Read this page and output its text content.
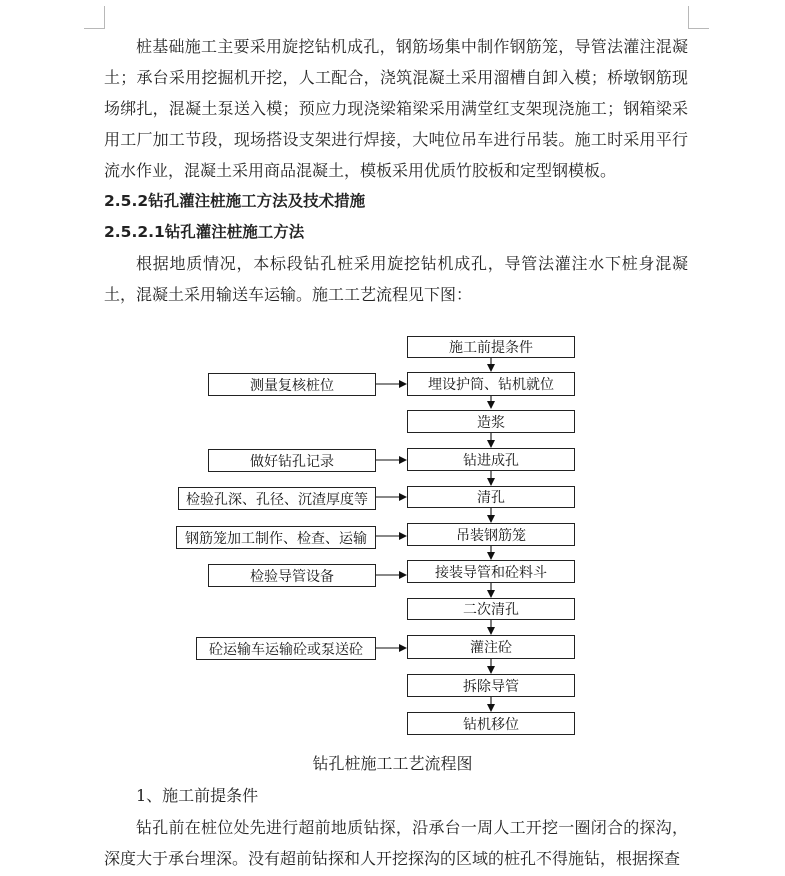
桩基础施工主要采用旋挖钻机成孔，钢筋场集中制作钢筋笼，导管法灌注混凝土；承台采用挖掘机开挖，人工配合，浇筑混凝土采用溜槽自卸入模；桥墩钢筋现场绑扎，混凝土泵送入模；预应力现浇梁箱梁采用满堂红支架现浇施工；钢箱梁采用工厂加工节段，现场搭设支架进行焊接，大吨位吊车进行吊装。施工时采用平行流水作业，混凝土采用商品混凝土，模板采用优质竹胶板和定型钢模板。

2.5.2钻孔灌注桩施工方法及技术措施

2.5.2.1钻孔灌注桩施工方法

根据地质情况，本标段钻孔桩采用旋挖钻机成孔，导管法灌注水下桩身混凝土，混凝土采用输送车运输。施工工艺流程见下图：

施工前提条件
埋设护筒、钻机就位
造浆
钻进成孔
清孔
吊装钢筋笼
接装导管和砼料斗
二次清孔
灌注砼
拆除导管
钻机移位
测量复核桩位
做好钻孔记录
检验孔深、孔径、沉渣厚度等
钢筋笼加工制作、检查、运输
检验导管设备
砼运输车运输砼或泵送砼
钻孔桩施工工艺流程图
1、施工前提条件

钻孔前在桩位处先进行超前地质钻探，沿承台一周人工开挖一圈闭合的探沟，深度大于承台埋深。没有超前钻探和人开挖探沟的区域的桩孔不得施钻，根据探查
